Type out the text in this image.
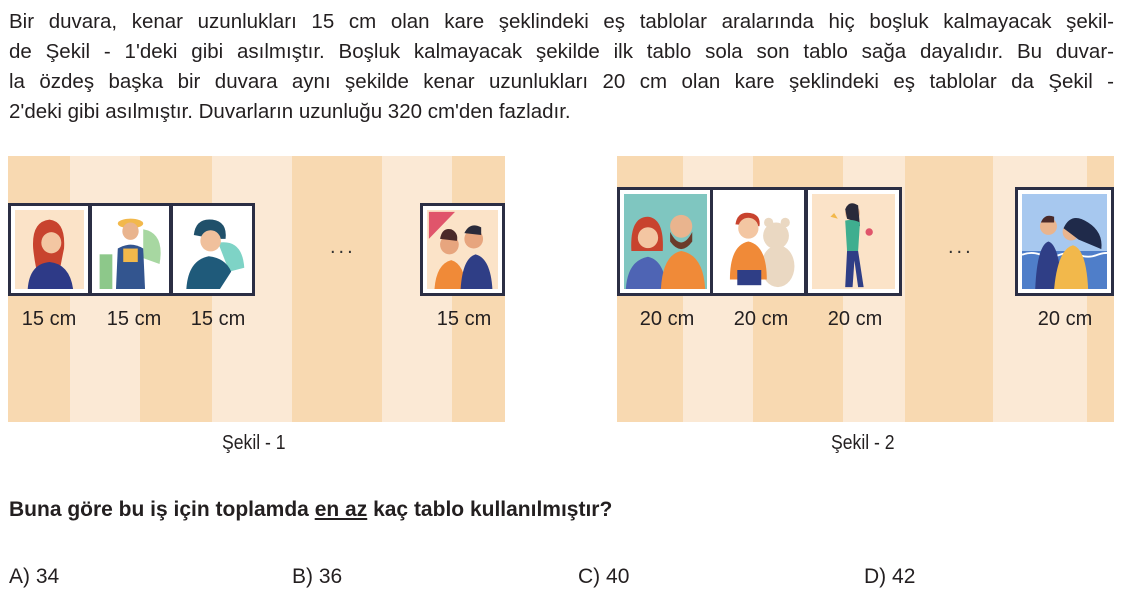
Bir duvara, kenar uzunlukları 15 cm olan kare şeklindeki eş tablolar aralarında hiç boşluk kalmayacak şekil-
de Şekil - 1'deki gibi asılmıştır. Boşluk kalmayacak şekilde ilk tablo sola son tablo sağa dayalıdır. Bu duvar-
la özdeş başka bir duvara aynı şekilde kenar uzunlukları 20 cm olan kare şeklindeki eş tablolar da Şekil -
2'deki gibi asılmıştır. Duvarların uzunluğu 320 cm'den fazladır.

...
15 cm	15 cm	15 cm	15 cm
Şekil - 1
...
20 cm	20 cm	20 cm	20 cm
Şekil - 2

Buna göre bu iş için toplamda en az kaç tablo kullanılmıştır?

A) 34	B) 36	C) 40	D) 42
